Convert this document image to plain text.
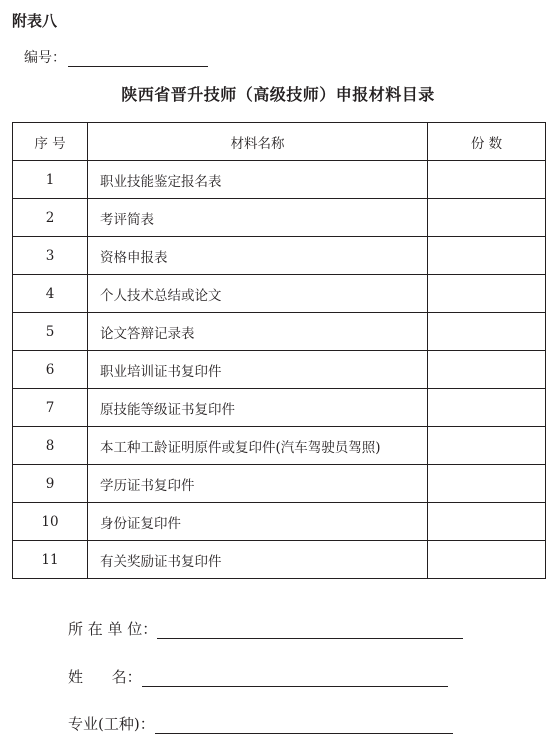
附表八
编号：
陕西省晋升技师（高级技师）申报材料目录
序 号	材料名称	份 数
1	职业技能鉴定报名表	
2	考评简表	
3	资格申报表	
4	个人技术总结或论文	
5	论文答辩记录表	
6	职业培训证书复印件	
7	原技能等级证书复印件	
8	本工种工龄证明原件或复印件(汽车驾驶员驾照)	
9	学历证书复印件	
10	身份证复印件	
11	有关奖励证书复印件	
所 在 单 位：
姓      名：
专业(工种)：
